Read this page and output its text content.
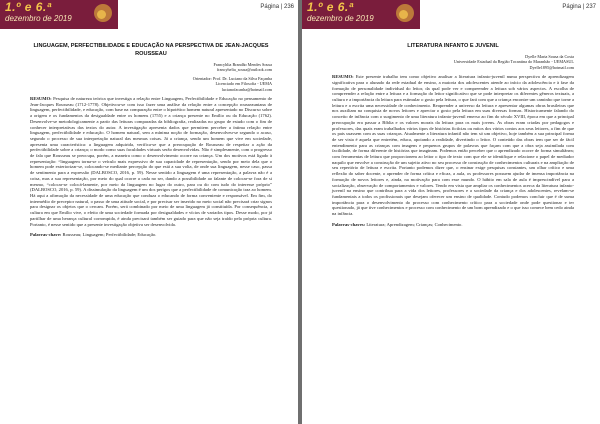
1.º e 6.ª
dezembro de 2019
Página | 236
LINGUAGEM, PERFECTIBILIDADE E EDUCAÇÃO NA PERSPECTIVA DE JEAN-JACQUES ROUSSEAU
Francyhlia Brandão Mendes Sousa
francyhelia_sousa@outlook.com
Orientador: Prof. Dr. Luciano da Silva Façanha
Licenciado em Filosofia - UEMA
lucianofacanha@hotmail.com
RESUMO: Pesquisa de natureza teórica que investiga a relação entre Linguagem, Perfectibilidade e Educação no pensamento de Jean-Jacques Rousseau (1712-1778). Objetivou-se com isso fazer uma análise da relação entre a concepção rousseauniana de linguagem, perfectibilidade, e educação, com base na comparação entre o hipotético homem natural apresentado no Discurso sobre a origem e os fundamentos da desigualdade entre os homens (1755) e a criança presente no Emílio ou da Educação (1762). Desenvolve-se metodologicamente a partir das leituras comparadas da bibliografia, realizadas no grupo de estudo com o fim de conhecer interpretativas das textos do autor. A investigação apresenta dados que permitem perceber a íntima relação entre linguagem, perfectibilidade e educação. O homem natural, sem a mínima noção de formação, desenvolveu-se segundo o acaso, segundo o processo de sua interpretação natural das mesmas coisas. Já a criança, sendo um homem que vive em sociedade, apresenta uma característica: a linguagem adquirida, verifica-se que a preocupação de Rousseau de respeitar a ação da perfectibilidade sobre a criança; o modo como suas faculdades virtuais serão desenvolvidas. Não é simplesmente, com o progresso de fala que Rousseau se preocupa, porém, a maneira como o desenvolvimento ocorre na criança. Um dos motivos está ligado à representação: “linguagem torna-se o veículo mais expressivo de sua capacidade de representação, sendo por meio dela que o homem pode exteriorizar-se, colocando-se mediante percepção do que está a sua volta, de onde sua linguagem, nesse caso, passa de sentimento para a expressão (DALBOSCO, 2016, p. 59). Nesse sentido a linguagem é uma representação, a palavra não é a coisa, mas a sua representação, por meio do qual ocorre a cada no ser, dando a possibilidade ao falante de colocar-se fora de si mesmo, “colocar-se colocá-lamente, por meio da linguagem no lugar do outro, para ou do com tudo do interesse próprio” (DALBOSCO, 2016, p. 59). A dissimulação da linguagem é um dos perigos que a perfectibilidade de comunicação traz ao homem. Há aqui a afirmação da necessidade de uma educação que conduza o educando de forma conveniente e responsável. Em fim, do intermédio de preceptor natural, o passo de uma atitude social, e por precisar ser inserido no meio social não precisará criar signos para designar os objetos que o cercam. Porém, será combinado por meio de uma linguagem já constituída. Por consequência, a cultura em que Emílio vive, o efeito de uma sociedade formada por desigualdades e vícios de variados tipos. Desse modo, por já partilhar de uma herança cultural corrompida, é ainda precisará também ser guiado para que não seja traído pela própria cultura. Portanto, é nesse sentido que a presente investigação objetiva ser desenvolvida.
Palavras-chave: Rousseau; Linguagem; Perfectibilidade; Educação.
1.º e 6.ª
dezembro de 2019
Página | 237
LITERATURA INFANTO E JUVENIL
Dyelle Maria Sousa da Costa
Universidade Estadual da Região Tocantina do Maranhão - UEMASUL
Dyelle1895@hotmail.com
RESUMO: Este presente trabalho tem como objetivo analisar a literatura infanto-juvenil numa perspectiva de aprendizagem significativa para o alunado da rede estadual de ensino, a maioria dos adolescentes atende ao início da adolescência e à fase da formação de personalidade individual do leitor, da qual pode ver e compreender a leitura sob vários aspectos. A escolha de compreender a relação entre a leitura e a formação do leitor significativo que se pode interpretar os diferentes gêneros textuais, a cultura e a importância da leitura para estimular o gosto pela leitura, o que fará com que a criança encontre um caminho que torne a leitura e a escrita uma necessidade de conhecimento. Reaprender a universo da leitura e apresentar algumas obras brasileiras que nos auxiliam na conquista de novos leitores e apreciar o gosto pela leitura em suas diversas formas. Historicamente falando do conceito de infância com o surgimento de uma literatura infanto-juvenil emerso ao fim do século XVIII, época em que a principal preocupação era passar a Bíblia e os valores morais da leitura para os mais jovens. As obras eram criadas por pedagogos e professores, das quais eram trabalhados vários tipos de histórias fictícias ou mitos dos vários contos aos seus leitores, a fim de que os pais usassem com as suas crianças. Atualmente a literatura infantil não tem só um objetivo, hoje também a sua principal forma de ser vista é aquela que entretém, educa, apoiando a realidade, divertindo o leitor. O conteúdo das obras tem que ser de fácil entendimento para as crianças com imagens e pequenos grupos de palavras que façam com que a obra seja assimilada com facilidade, de forma diferente de histórias que imaginam. Podemos então perceber que o aprendizado ocorre de forma simultânea; com ferramentas de leitura que proporcionem ao leitor o tipo de texto com que ele se identifique e relacione o papel de mediador naquilo que envolve a construção de um sujeito ativo no seu processo de construção de conhecimentos culturais e na ampliação de seu repertório de leitura e escrita. Portanto podemos dizer que, o ensinar exige pesquisas constantes, um olhar crítico e uma reflexão do saber docente, o aprender de forma crítica e eficaz, a aula, os professores possuem ajudar de imensa importância na formação de novos leitores e, ainda, na motivação para com esse mundo. O hábito em sala de aula é imprescindível para a socialização, observação de comportamentos e valores. Tendo em vista que ampliar os conhecimentos acerca da literatura infanto-juvenil na ensino que contribua para a vida dos leitores, professores e a sociedade da criança e dos adolescentes, revelam-se fundamentais a todos os profissionais que desejam oferecer um ensino de qualidade. Contudo podemos concluir que é de suma importância para o desenvolvimento do processo com conhecimento crítico para a sociedade onde pode questionar e ter questionado, já que tive conhecimentos e processo com conhecimento de um bom aprendizado e o que isso comece bem cedo ainda na infância.
Palavras-chaves: Literatura; Aprendizagem; Crianças; Conhecimento.
